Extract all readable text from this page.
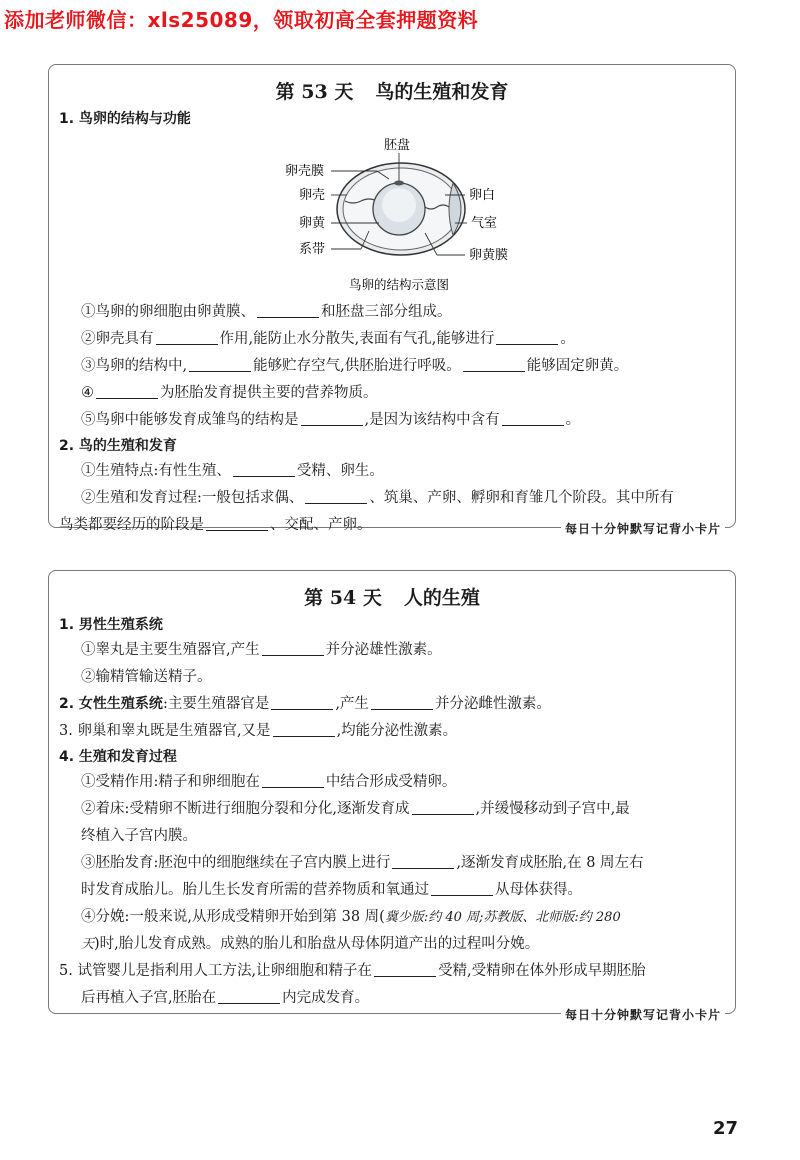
添加老师微信：xls25089，领取初高全套押题资料
第 53 天 鸟的生殖和发育
1. 鸟卵的结构与功能
卵壳膜
胚盘
卵壳	卵白
卵黄	气室
系带	卵黄膜
鸟卵的结构示意图
①鸟卵的卵细胞由卵黄膜、	和胚盘三部分组成。
②卵壳具有	作用,能防止水分散失,表面有气孔,能够进行	。
③鸟卵的结构中,	能够贮存空气,供胚胎进行呼吸。	能够固定卵黄。
④	为胚胎发育提供主要的营养物质。
⑤鸟卵中能够发育成雏鸟的结构是	,是因为该结构中含有	。
2. 鸟的生殖和发育
①生殖特点:有性生殖、	受精、卵生。
②生殖和发育过程:一般包括求偶、	、筑巢、产卵、孵卵和育雏几个阶段。其中所有
鸟类都要经历的阶段是	、交配、产卵。	每日十分钟默写记背小卡片
第 54 天 人的生殖
1. 男性生殖系统
①睾丸是主要生殖器官,产生	并分泌雄性激素。
②输精管输送精子。
2. 女性生殖系统:主要生殖器官是	,产生	并分泌雌性激素。
3. 卵巢和睾丸既是生殖器官,又是	,均能分泌性激素。
4. 生殖和发育过程
①受精作用:精子和卵细胞在	中结合形成受精卵。
②着床:受精卵不断进行细胞分裂和分化,逐渐发育成	,并缓慢移动到子宫中,最
终植入子宫内膜。
③胚胎发育:胚泡中的细胞继续在子宫内膜上进行	,逐渐发育成胚胎,在 8 周左右
时发育成胎儿。胎儿生长发育所需的营养物质和氧通过	从母体获得。
④分娩:一般来说,从形成受精卵开始到第 38 周(冀少版:约 40 周;苏教版、北师版:约 280
天)时,胎儿发育成熟。成熟的胎儿和胎盘从母体阴道产出的过程叫分娩。
5. 试管婴儿是指利用人工方法,让卵细胞和精子在	受精,受精卵在体外形成早期胚胎
后再植入子宫,胚胎在	内完成发育。
每日十分钟默写记背小卡片
27
